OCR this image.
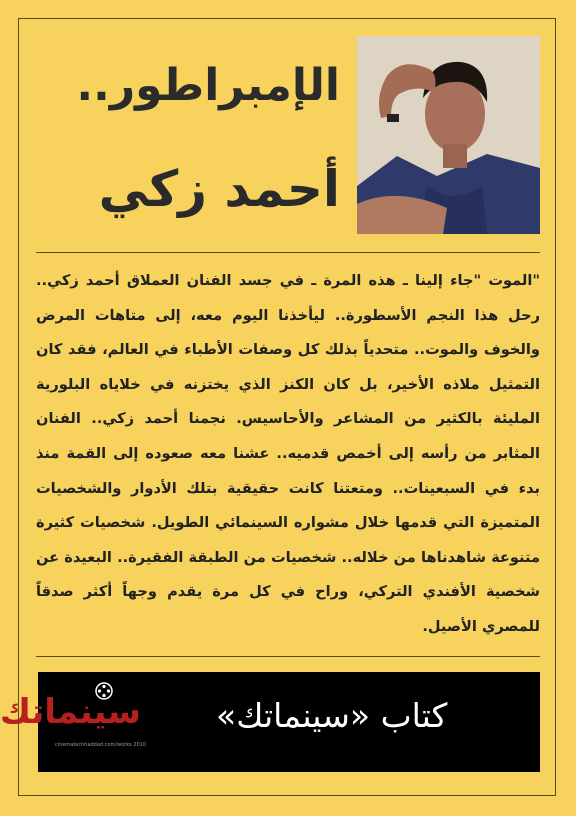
الإمبراطور..
أحمد زكي
"الموت "جاء إلينا ـ هذه المرة ـ في جسد الفنان العملاق أحمد زكي.. رحل هذا النجم الأسطورة.. ليأخذنا اليوم معه، إلى متاهات المرض والخوف والموت.. متحدياً بذلك كل وصفات الأطباء في العالم، فقد كان التمثيل ملاذه الأخير، بل كان الكنز الذي يختزنه في خلاياه البلورية المليئة بالكثير من المشاعر والأحاسيس. نجمنا أحمد زكي.. الفنان المثابر من رأسه إلى أخمص قدميه.. عشنا معه صعوده إلى القمة منذ بدء في السبعينات.. ومتعتنا كانت حقيقية بتلك الأدوار والشخصيات المتميزة التي قدمها خلال مشواره السينمائي الطويل. شخصيات كثيرة متنوعة شاهدناها من خلاله.. شخصيات من الطبقة الفقيرة.. البعيدة عن شخصية الأفندي التركي، وراح في كل مرة يقدم وجهاً أكثر صدقاً للمصري الأصيل.
سينماتك
cinematechhaddad.com/works 2010
كتاب «سينماتك»
